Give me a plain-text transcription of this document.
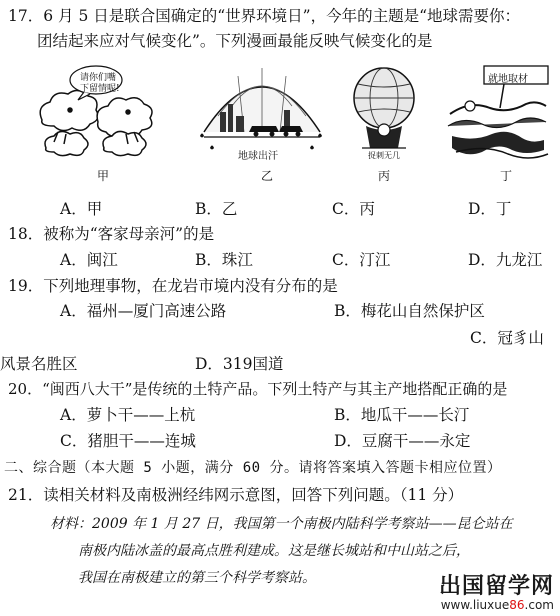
17．6 月 5 日是联合国确定的“世界环境日”，今年的主题是“地球需要你：
团结起来应对气候变化”。下列漫画最能反映气候变化的是
请你们嘴
下留情呢!
地球出汗	捉刺无几
就地取材
甲	乙	丙	丁
A．甲	B．乙	C．丙	D．丁
18．被称为“客家母亲河”的是
A．闽江	B．珠江	C．汀江	D．九龙江
19．下列地理事物，在龙岩市境内没有分布的是
A．福州—厦门高速公路	B．梅花山自然保护区
C．冠豸山
风景名胜区	D．319国道
20．“闽西八大干”是传统的土特产品。下列土特产与其主产地搭配正确的是
A．萝卜干——上杭	B．地瓜干——长汀
C．猪胆干——连城	D．豆腐干——永定
二、综合题（本大题 5 小题，满分 60 分。请将答案填入答题卡相应位置）
21．读相关材料及南极洲经纬网示意图，回答下列问题。（11 分）
材料：2009 年 1 月 27 日，我国第一个南极内陆科学考察站——昆仑站在
南极内陆冰盖的最高点胜利建成。这是继长城站和中山站之后，
我国在南极建立的第三个科学考察站。	出国留学网
www.liuxue86.com
